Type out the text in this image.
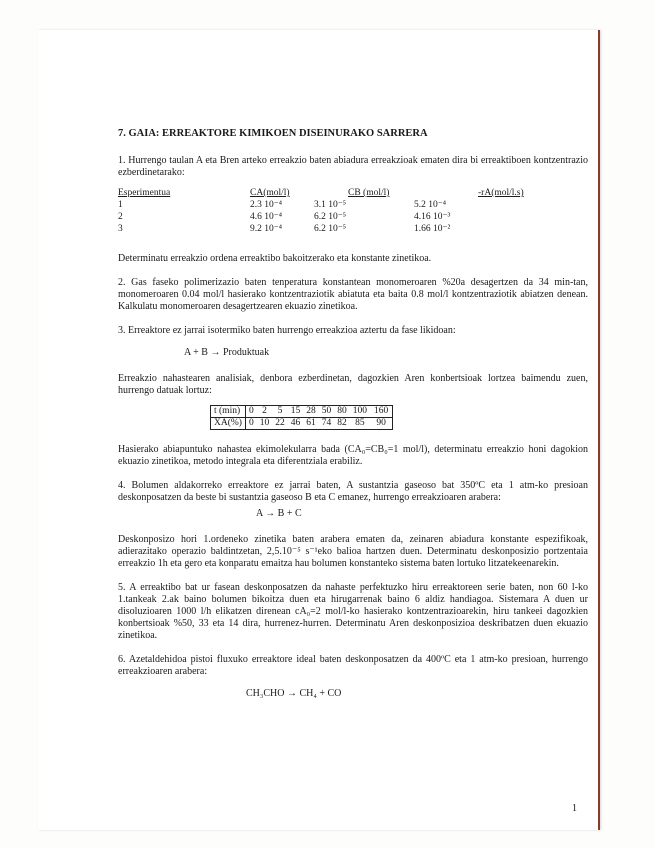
7. GAIA: ERREAKTORE KIMIKOEN DISEINURAKO SARRERA

1. Hurrengo taulan A eta Bren arteko erreakzio baten abiadura erreakzioak ematen dira bi erreaktiboen kontzentrazio ezberdinetarako:

Esperimentua	CA(mol/l)	CB (mol/l)	-rA(mol/l.s)
1	2.3 10⁻⁴	3.1 10⁻⁵	5.2 10⁻⁴
2	4.6 10⁻⁴	6.2 10⁻⁵	4.16 10⁻³
3	9.2 10⁻⁴	6.2 10⁻⁵	1.66 10⁻²

Determinatu erreakzio ordena erreaktibo bakoitzerako eta konstante zinetikoa.

2. Gas faseko polimerizazio baten tenperatura konstantean monomeroaren %20a desagertzen da 34 min-tan, monomeroaren 0.04 mol/l hasierako kontzentraziotik abiatuta eta baita 0.8 mol/l kontzentraziotik abiatzen denean. Kalkulatu monomeroaren desagertzearen ekuazio zinetikoa.

3. Erreaktore ez jarrai isotermiko baten hurrengo erreakzioa aztertu da fase likidoan:

A + B → Produktuak

Erreakzio nahastearen analisiak, denbora ezberdinetan, dagozkien Aren konbertsioak lortzea baimendu zuen, hurrengo datuak lortuz:

t (min)	0	2	5	15	28	50	80	100	160
XA(%)	0	10	22	46	61	74	82	85	90

Hasierako abiapuntuko nahastea ekimolekularra bada (CA₀=CB₀=1 mol/l), determinatu erreakzio honi dagokion ekuazio zinetikoa, metodo integrala eta diferentziala erabiliz.

4. Bolumen aldakorreko erreaktore ez jarrai baten, A sustantzia gaseoso bat 350ºC eta 1 atm-ko presioan deskonposatzen da beste bi sustantzia gaseoso B eta C emanez, hurrengo erreakzioaren arabera:

A → B + C

Deskonposizo hori 1.ordeneko zinetika baten arabera ematen da, zeinaren abiadura konstante espezifikoak, adierazitako operazio baldintzetan, 2,5.10⁻⁵ s⁻¹eko balioa hartzen duen. Determinatu deskonposizio portzentaia erreakzio 1h eta gero eta konparatu emaitza hau bolumen konstanteko sistema baten lortuko litzatekeenarekin.

5. A erreaktibo bat ur fasean deskonposatzen da nahaste perfektuzko hiru erreaktoreen serie baten, non 60 l-ko 1.tankeak 2.ak baino bolumen bikoitza duen eta hirugarrenak baino 6 aldiz handiagoa. Sistemara A duen ur disoluzioaren 1000 l/h elikatzen direnean cA₀=2 mol/l-ko hasierako kontzentrazioarekin, hiru tankeei dagozkien konbertsioak %50, 33 eta 14 dira, hurrenez-hurren. Determinatu Aren deskonposizioa deskribatzen duen ekuazio zinetikoa.

6. Azetaldehidoa pistoi fluxuko erreaktore ideal baten deskonposatzen da 400ºC eta 1 atm-ko presioan, hurrengo erreakzioaren arabera:

CH₃CHO → CH₄ + CO
1
